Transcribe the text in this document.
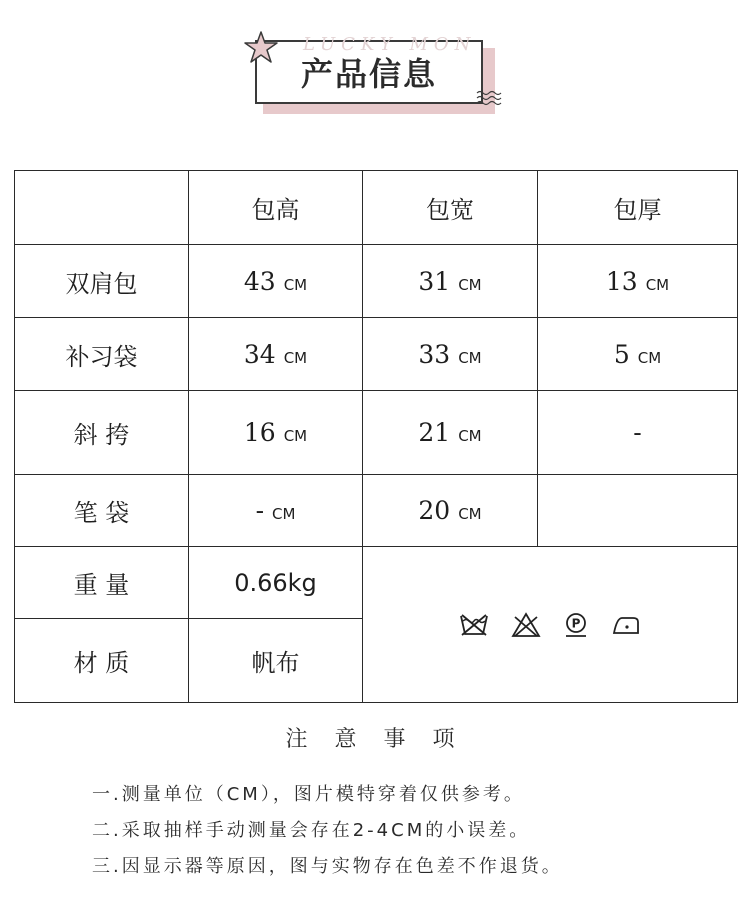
产品信息
LUCKY MON
	包高	包宽	包厚
双肩包	43 CM	31 CM	13 CM
补习袋	34 CM	33 CM	5 CM
斜 挎	16 CM	21 CM	-
笔 袋	- CM	20 CM	
重 量	0.66kg	P	

材 质	帆布		
注 意 事 项
一.测量单位（CM），图片模特穿着仅供参考。
二.采取抽样手动测量会存在2-4CM的小误差。
三.因显示器等原因，图与实物存在色差不作退货。
